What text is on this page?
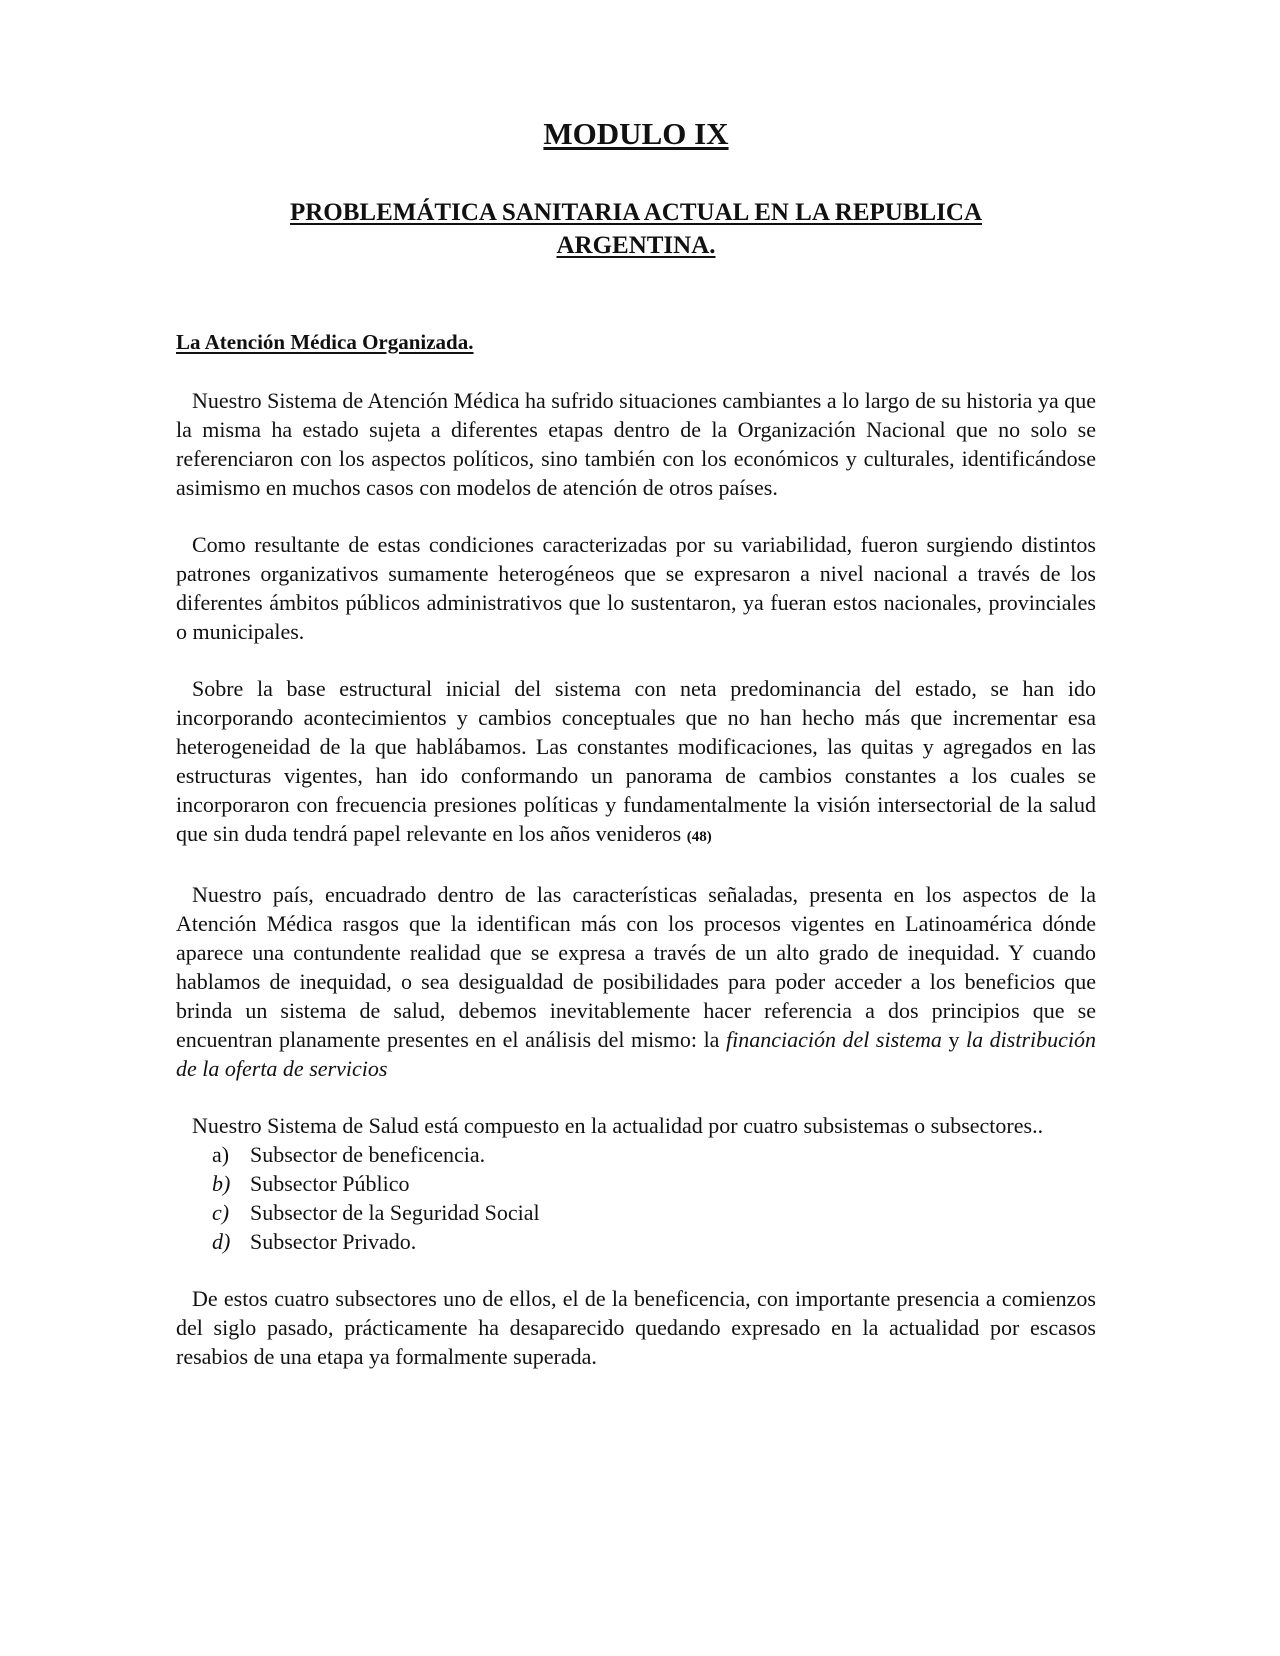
MODULO IX
PROBLEMÁTICA SANITARIA ACTUAL EN LA REPUBLICA
ARGENTINA.
La Atención Médica Organizada.

Nuestro Sistema de Atención Médica ha sufrido situaciones cambiantes a lo largo de su historia ya que la misma ha estado sujeta a diferentes etapas dentro de la Organización Nacional que no solo se referenciaron con los aspectos políticos, sino también con los económicos y culturales, identificándose asimismo en muchos casos con modelos de atención de otros países.

Como resultante de estas condiciones caracterizadas por su variabilidad, fueron surgiendo distintos patrones organizativos sumamente heterogéneos que se expresaron a nivel nacional a través de los diferentes ámbitos públicos administrativos que lo sustentaron, ya fueran estos nacionales, provinciales o municipales.

Sobre la base estructural inicial del sistema con neta predominancia del estado, se han ido incorporando acontecimientos y cambios conceptuales que no han hecho más que incrementar esa heterogeneidad de la que hablábamos. Las constantes modificaciones, las quitas y agregados en las estructuras vigentes, han ido conformando un panorama de cambios constantes a los cuales se incorporaron con frecuencia presiones políticas y fundamentalmente la visión intersectorial de la salud que sin duda tendrá papel relevante en los años venideros (48)

Nuestro país, encuadrado dentro de las características señaladas, presenta en los aspectos de la Atención Médica rasgos que la identifican más con los procesos vigentes en Latinoamérica dónde aparece una contundente realidad que se expresa a través de un alto grado de inequidad. Y cuando hablamos de inequidad, o sea desigualdad de posibilidades para poder acceder a los beneficios que brinda un sistema de salud, debemos inevitablemente hacer referencia a dos principios que se encuentran planamente presentes en el análisis del mismo: la financiación del sistema y la distribución de la oferta de servicios

Nuestro Sistema de Salud está compuesto en la actualidad por cuatro subsistemas o subsectores..

a) Subsector de beneficencia.
b) Subsector Público
c) Subsector de la Seguridad Social
d) Subsector Privado.

De estos cuatro subsectores uno de ellos, el de la beneficencia, con importante presencia a comienzos del siglo pasado, prácticamente ha desaparecido quedando expresado en la actualidad por escasos resabios de una etapa ya formalmente superada.
